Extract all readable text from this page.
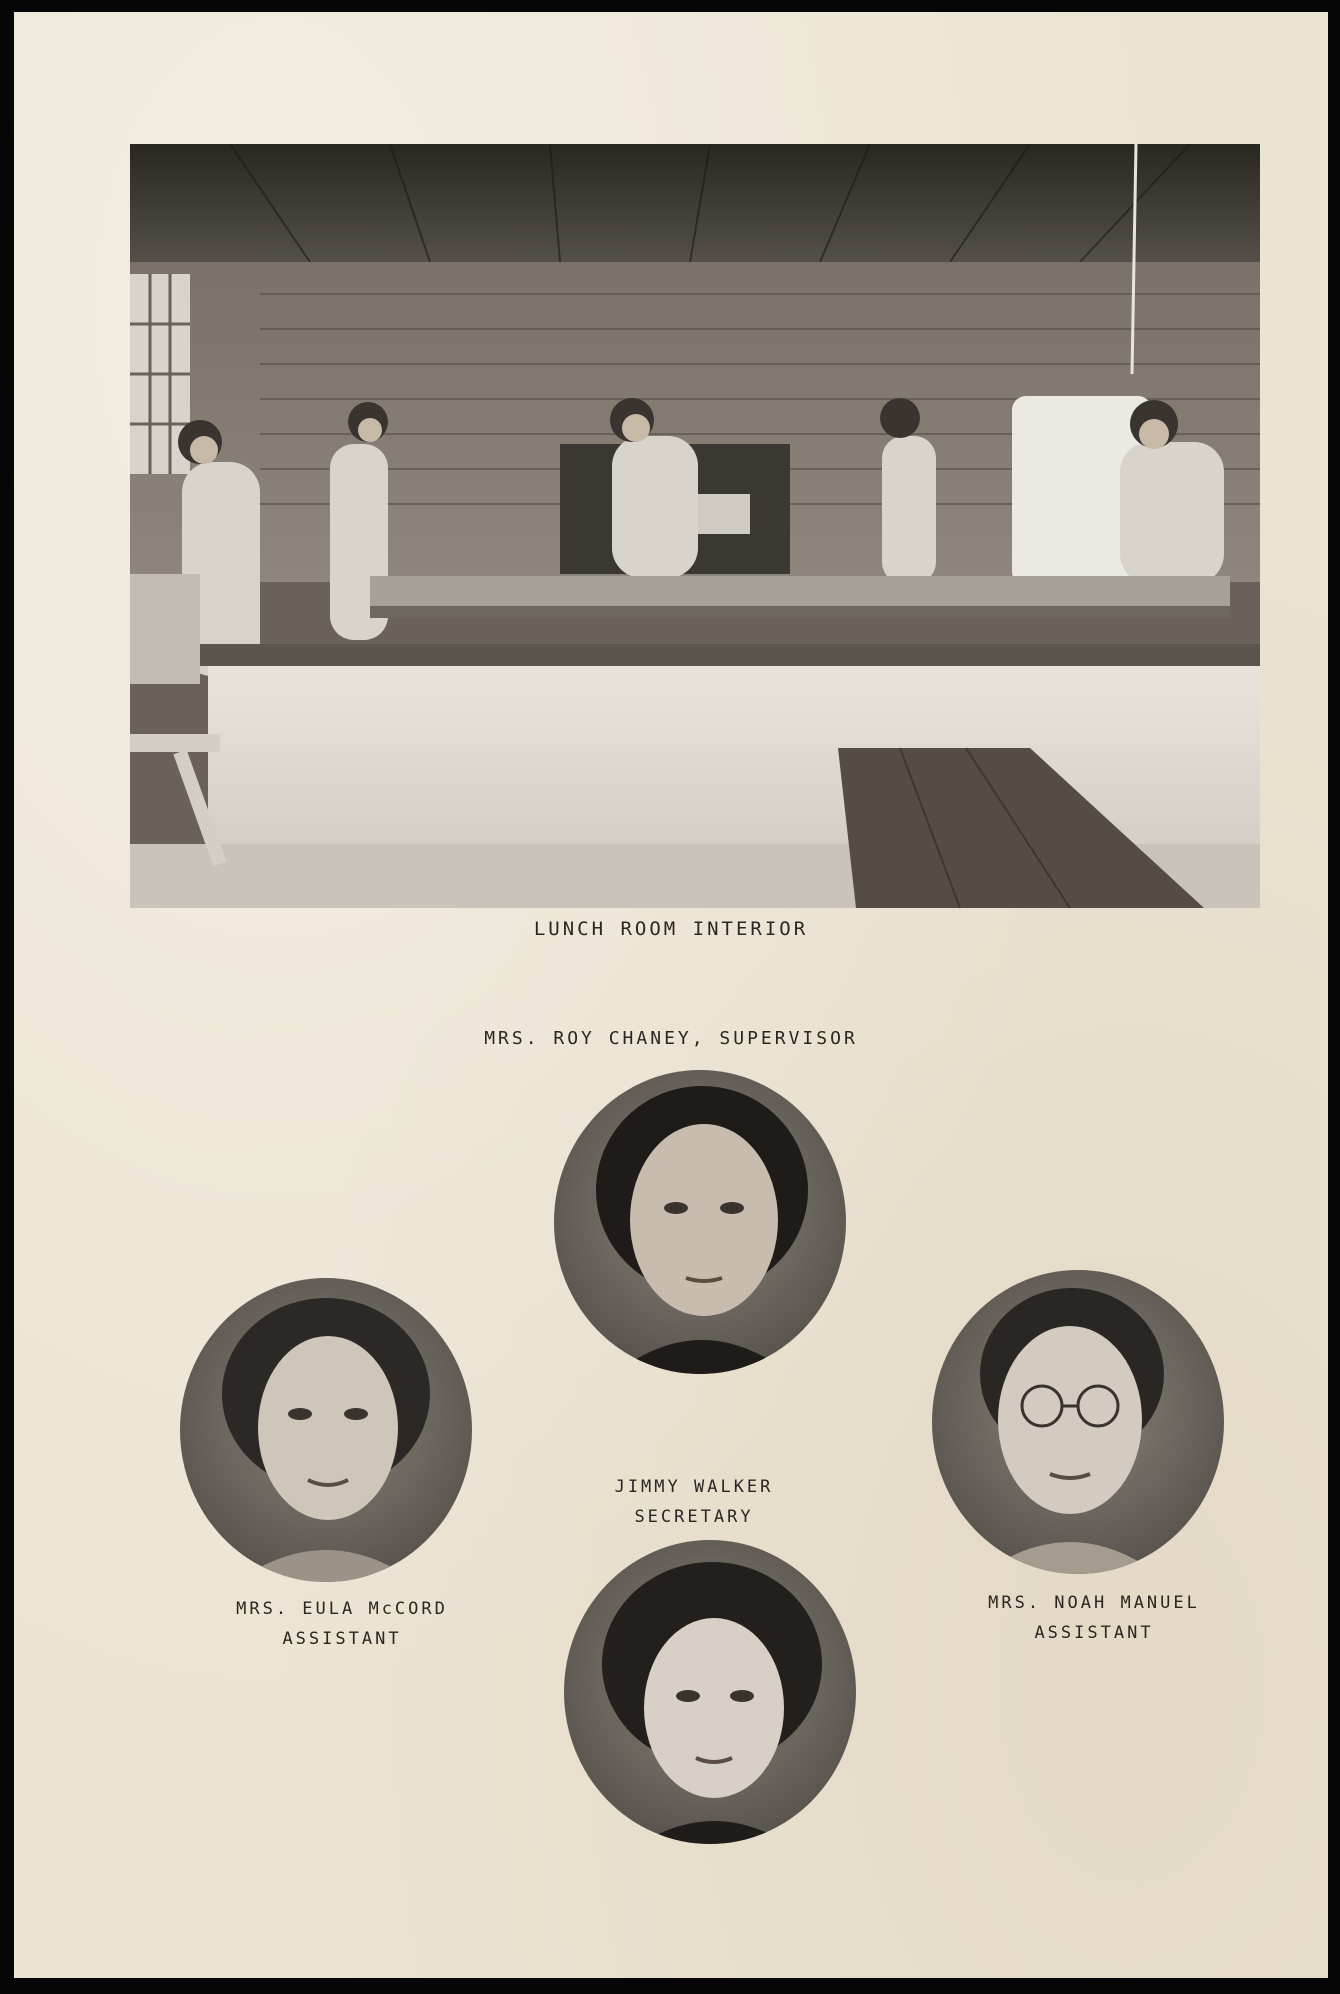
LUNCH ROOM INTERIOR
MRS. ROY CHANEY, SUPERVISOR
MRS. EULA McCORD
ASSISTANT
MRS. NOAH MANUEL
ASSISTANT
JIMMY WALKER
SECRETARY
